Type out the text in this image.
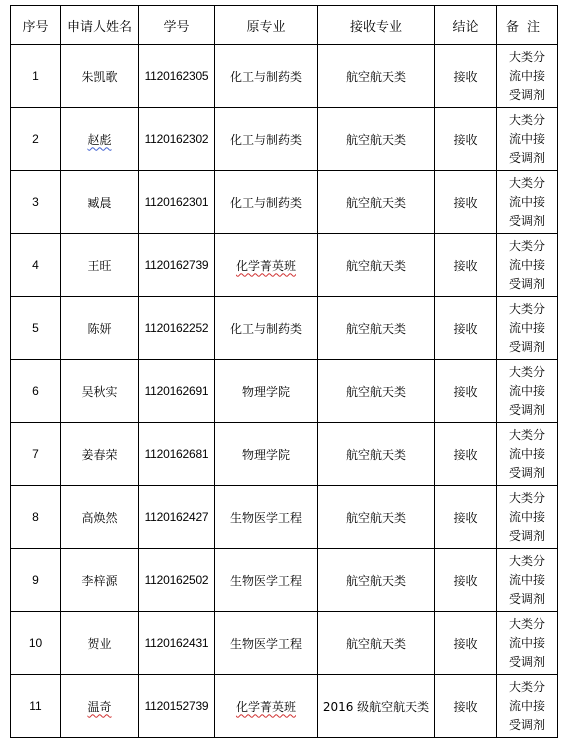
序号	申请人姓名	学号	原专业	接收专业	结论	备注
1	朱凯歌	1120162305	化工与制药类	航空航天类	接收	大类分
流中接
受调剂

2	赵彪	1120162302	化工与制药类	航空航天类	接收	大类分
流中接
受调剂

3	臧晨	1120162301	化工与制药类	航空航天类	接收	大类分
流中接
受调剂

4	王旺	1120162739	化学菁英班	航空航天类	接收	大类分
流中接
受调剂

5	陈妍	1120162252	化工与制药类	航空航天类	接收	大类分
流中接
受调剂

6	吴秋实	1120162691	物理学院	航空航天类	接收	大类分
流中接
受调剂

7	姜春荣	1120162681	物理学院	航空航天类	接收	大类分
流中接
受调剂

8	高焕然	1120162427	生物医学工程	航空航天类	接收	大类分
流中接
受调剂

9	李梓源	1120162502	生物医学工程	航空航天类	接收	大类分
流中接
受调剂

10	贺业	1120162431	生物医学工程	航空航天类	接收	大类分
流中接
受调剂

11	温奇	1120152739	化学菁英班	2016 级航空航天类	接收	大类分
流中接
受调剂
